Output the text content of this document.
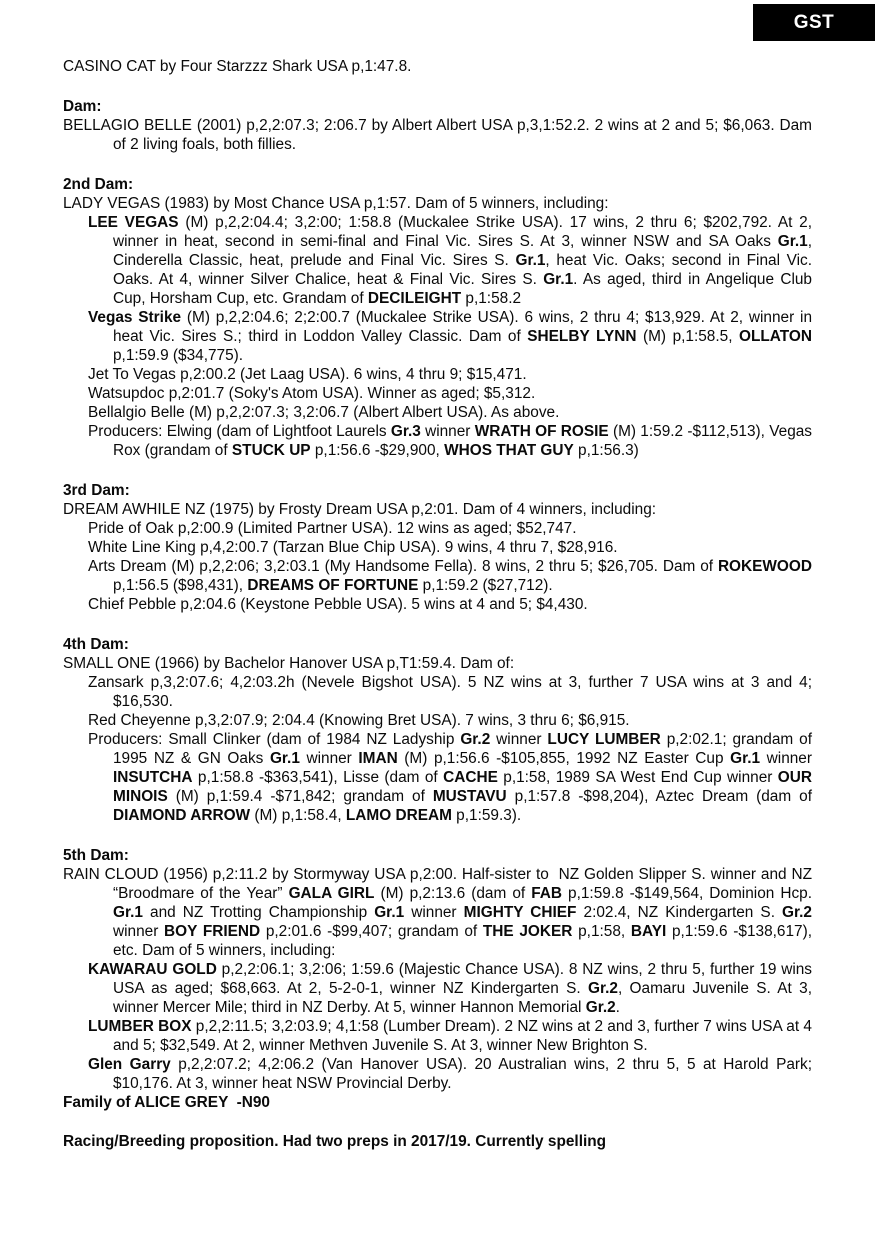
GST

CASINO CAT by Four Starzzz Shark USA p,1:47.8.

Dam:

BELLAGIO BELLE (2001) p,2,2:07.3; 2:06.7 by Albert Albert USA p,3,1:52.2. 2 wins at 2 and 5; $6,063. Dam of 2 living foals, both fillies.

2nd Dam:

LADY VEGAS (1983) by Most Chance USA p,1:57. Dam of 5 winners, including:

LEE VEGAS (M) p,2,2:04.4; 3,2:00; 1:58.8 (Muckalee Strike USA). 17 wins, 2 thru 6; $202,792. At 2, winner in heat, second in semi-final and Final Vic. Sires S. At 3, winner NSW and SA Oaks Gr.1, Cinderella Classic, heat, prelude and Final Vic. Sires S. Gr.1, heat Vic. Oaks; second in Final Vic. Oaks. At 4, winner Silver Chalice, heat & Final Vic. Sires S. Gr.1. As aged, third in Angelique Club Cup, Horsham Cup, etc. Grandam of DECILEIGHT p,1:58.2

Vegas Strike (M) p,2,2:04.6; 2;2:00.7 (Muckalee Strike USA). 6 wins, 2 thru 4; $13,929. At 2, winner in heat Vic. Sires S.; third in Loddon Valley Classic. Dam of SHELBY LYNN (M) p,1:58.5, OLLATON p,1:59.9 ($34,775).

Jet To Vegas p,2:00.2 (Jet Laag USA). 6 wins, 4 thru 9; $15,471.

Watsupdoc p,2:01.7 (Soky's Atom USA). Winner as aged; $5,312.

Bellalgio Belle (M) p,2,2:07.3; 3,2:06.7 (Albert Albert USA). As above.

Producers: Elwing (dam of Lightfoot Laurels Gr.3 winner WRATH OF ROSIE (M) 1:59.2 -$112,513), Vegas Rox (grandam of STUCK UP p,1:56.6 -$29,900, WHOS THAT GUY p,1:56.3)

3rd Dam:

DREAM AWHILE NZ (1975) by Frosty Dream USA p,2:01. Dam of 4 winners, including:

Pride of Oak p,2:00.9 (Limited Partner USA). 12 wins as aged; $52,747.

White Line King p,4,2:00.7 (Tarzan Blue Chip USA). 9 wins, 4 thru 7, $28,916.

Arts Dream (M) p,2,2:06; 3,2:03.1 (My Handsome Fella). 8 wins, 2 thru 5; $26,705. Dam of ROKEWOOD p,1:56.5 ($98,431), DREAMS OF FORTUNE p,1:59.2 ($27,712).

Chief Pebble p,2:04.6 (Keystone Pebble USA). 5 wins at 4 and 5; $4,430.

4th Dam:

SMALL ONE (1966) by Bachelor Hanover USA p,T1:59.4. Dam of:

Zansark p,3,2:07.6; 4,2:03.2h (Nevele Bigshot USA). 5 NZ wins at 3, further 7 USA wins at 3 and 4; $16,530.

Red Cheyenne p,3,2:07.9; 2:04.4 (Knowing Bret USA). 7 wins, 3 thru 6; $6,915.

Producers: Small Clinker (dam of 1984 NZ Ladyship Gr.2 winner LUCY LUMBER p,2:02.1; grandam of 1995 NZ & GN Oaks Gr.1 winner IMAN (M) p,1:56.6 -$105,855, 1992 NZ Easter Cup Gr.1 winner INSUTCHA p,1:58.8 -$363,541), Lisse (dam of CACHE p,1:58, 1989 SA West End Cup winner OUR MINOIS (M) p,1:59.4 -$71,842; grandam of MUSTAVU p,1:57.8 -$98,204), Aztec Dream (dam of DIAMOND ARROW (M) p,1:58.4, LAMO DREAM p,1:59.3).

5th Dam:

RAIN CLOUD (1956) p,2:11.2 by Stormyway USA p,2:00. Half-sister to  NZ Golden Slipper S. winner and NZ “Broodmare of the Year” GALA GIRL (M) p,2:13.6 (dam of FAB p,1:59.8 -$149,564, Dominion Hcp. Gr.1 and NZ Trotting Championship Gr.1 winner MIGHTY CHIEF 2:02.4, NZ Kindergarten S. Gr.2 winner BOY FRIEND p,2:01.6 -$99,407; grandam of THE JOKER p,1:58, BAYI p,1:59.6 -$138,617), etc. Dam of 5 winners, including:

KAWARAU GOLD p,2,2:06.1; 3,2:06; 1:59.6 (Majestic Chance USA). 8 NZ wins, 2 thru 5, further 19 wins USA as aged; $68,663. At 2, 5-2-0-1, winner NZ Kindergarten S. Gr.2, Oamaru Juvenile S. At 3, winner Mercer Mile; third in NZ Derby. At 5, winner Hannon Memorial Gr.2.

LUMBER BOX p,2,2:11.5; 3,2:03.9; 4,1:58 (Lumber Dream). 2 NZ wins at 2 and 3, further 7 wins USA at 4 and 5; $32,549. At 2, winner Methven Juvenile S. At 3, winner New Brighton S.

Glen Garry p,2,2:07.2; 4,2:06.2 (Van Hanover USA). 20 Australian wins, 2 thru 5, 5 at Harold Park; $10,176. At 3, winner heat NSW Provincial Derby.

Family of ALICE GREY  -N90

Racing/Breeding proposition. Had two preps in 2017/19. Currently spelling
